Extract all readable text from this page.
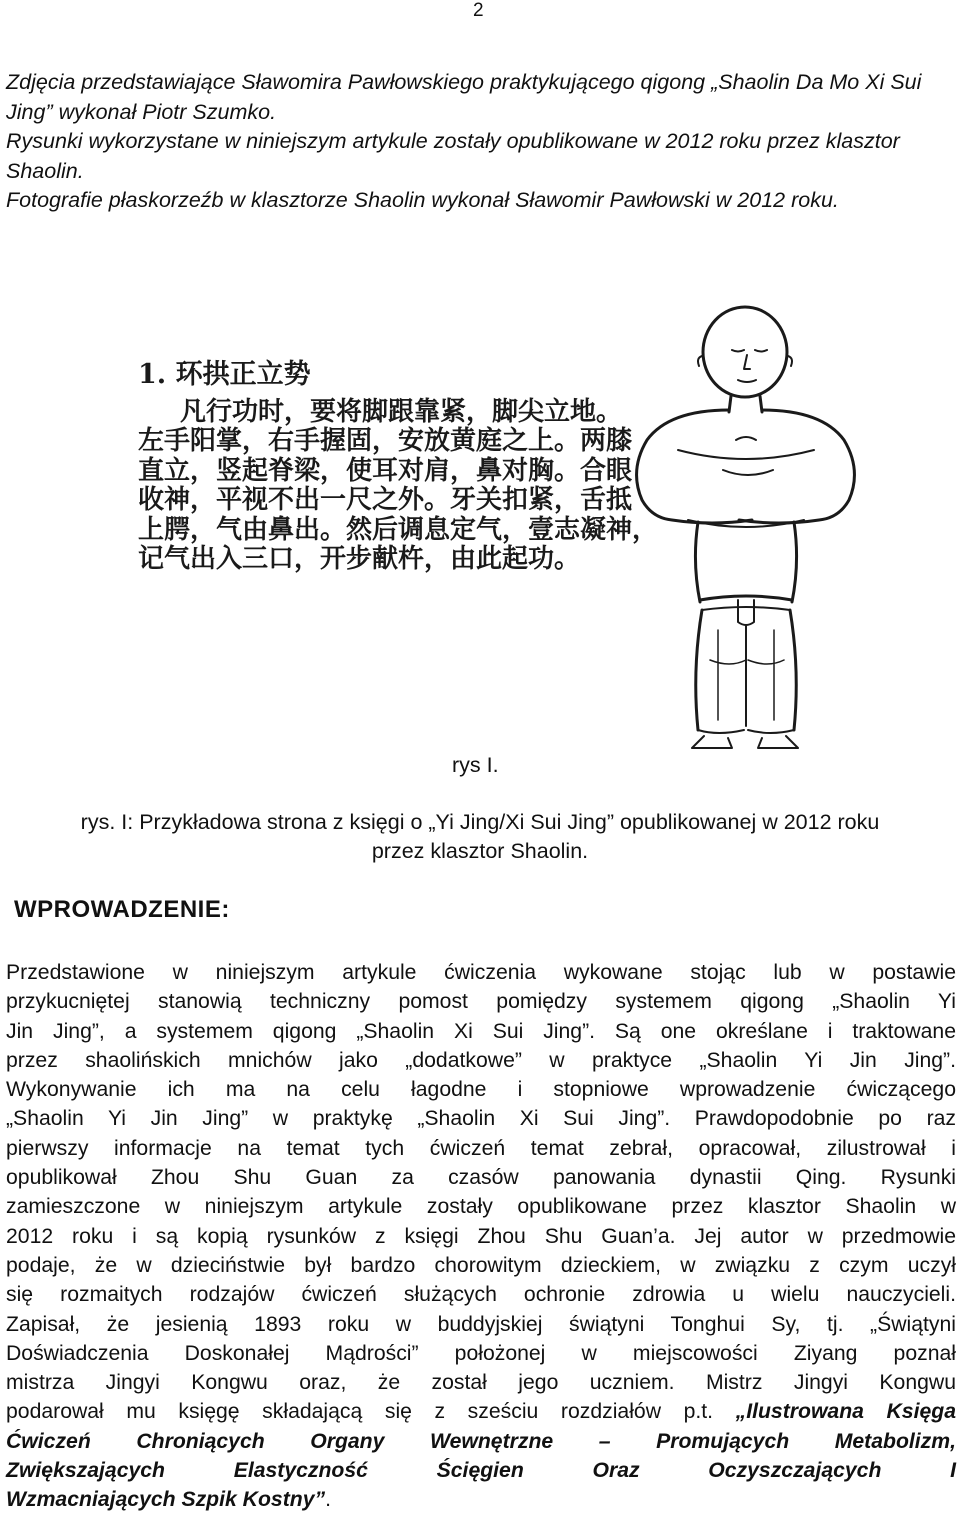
2

Zdjęcia przedstawiające Sławomira Pawłowskiego praktykującego qigong „Shaolin Da Mo Xi Sui Jing” wykonał Piotr Szumko.

Rysunki wykorzystane w niniejszym artykule zostały opublikowane w 2012 roku przez klasztor Shaolin.

Fotografie płaskorzeźb w klasztorze Shaolin wykonał Sławomir Pawłowski w 2012 roku.

1. 环拱正立势
凡行功时，要将脚跟靠紧，脚尖立地。
左手阳掌，右手握固，安放黄庭之上。两膝
直立，竖起脊梁，使耳对肩，鼻对胸。合眼
收神，平视不出一尺之外。牙关扣紧，舌抵
上腭，气由鼻出。然后调息定气，壹志凝神，
记气出入三口，开步献杵，由此起功。
rys I.
rys. I: Przykładowa strona z księgi o „Yi Jing/Xi Sui Jing” opublikowanej w 2012 roku
przez klasztor Shaolin.
WPROWADZENIE:
Przedstawione w niniejszym artykule ćwiczenia wykowane stojąc lub w postawie
przykucniętej stanowią techniczny pomost pomiędzy systemem qigong „Shaolin Yi
Jin Jing”, a systemem qigong „Shaolin Xi Sui Jing”. Są one określane i traktowane
przez shaolińskich mnichów jako „dodatkowe” w praktyce „Shaolin Yi Jin Jing”.
Wykonywanie ich ma na celu łagodne i stopniowe wprowadzenie ćwiczącego
„Shaolin Yi Jin Jing” w praktykę „Shaolin Xi Sui Jing”. Prawdopodobnie po raz
pierwszy informacje na temat tych ćwiczeń temat zebrał, opracował, zilustrował i
opublikował Zhou Shu Guan za czasów panowania dynastii Qing. Rysunki
zamieszczone w niniejszym artykule zostały opublikowane przez klasztor Shaolin w
2012 roku i są kopią rysunków z księgi Zhou Shu Guan’a. Jej autor w przedmowie
podaje, że w dzieciństwie był bardzo chorowitym dzieckiem, w związku z czym uczył
się rozmaitych rodzajów ćwiczeń służących ochronie zdrowia u wielu nauczycieli.
Zapisał, że jesienią 1893 roku w buddyjskiej świątyni Tonghui Sy, tj. „Świątyni
Doświadczenia Doskonałej Mądrości” położonej w miejscowości Ziyang poznał
mistrza Jingyi Kongwu oraz, że został jego uczniem. Mistrz Jingyi Kongwu
podarował mu księgę składającą się z sześciu rozdziałów p.t. „Ilustrowana Księga
Ćwiczeń Chroniących Organy Wewnętrzne – Promujących Metabolizm,
Zwiększających Elastyczność Ścięgien Oraz Oczyszczających I
Wzmacniających Szpik Kostny”.
